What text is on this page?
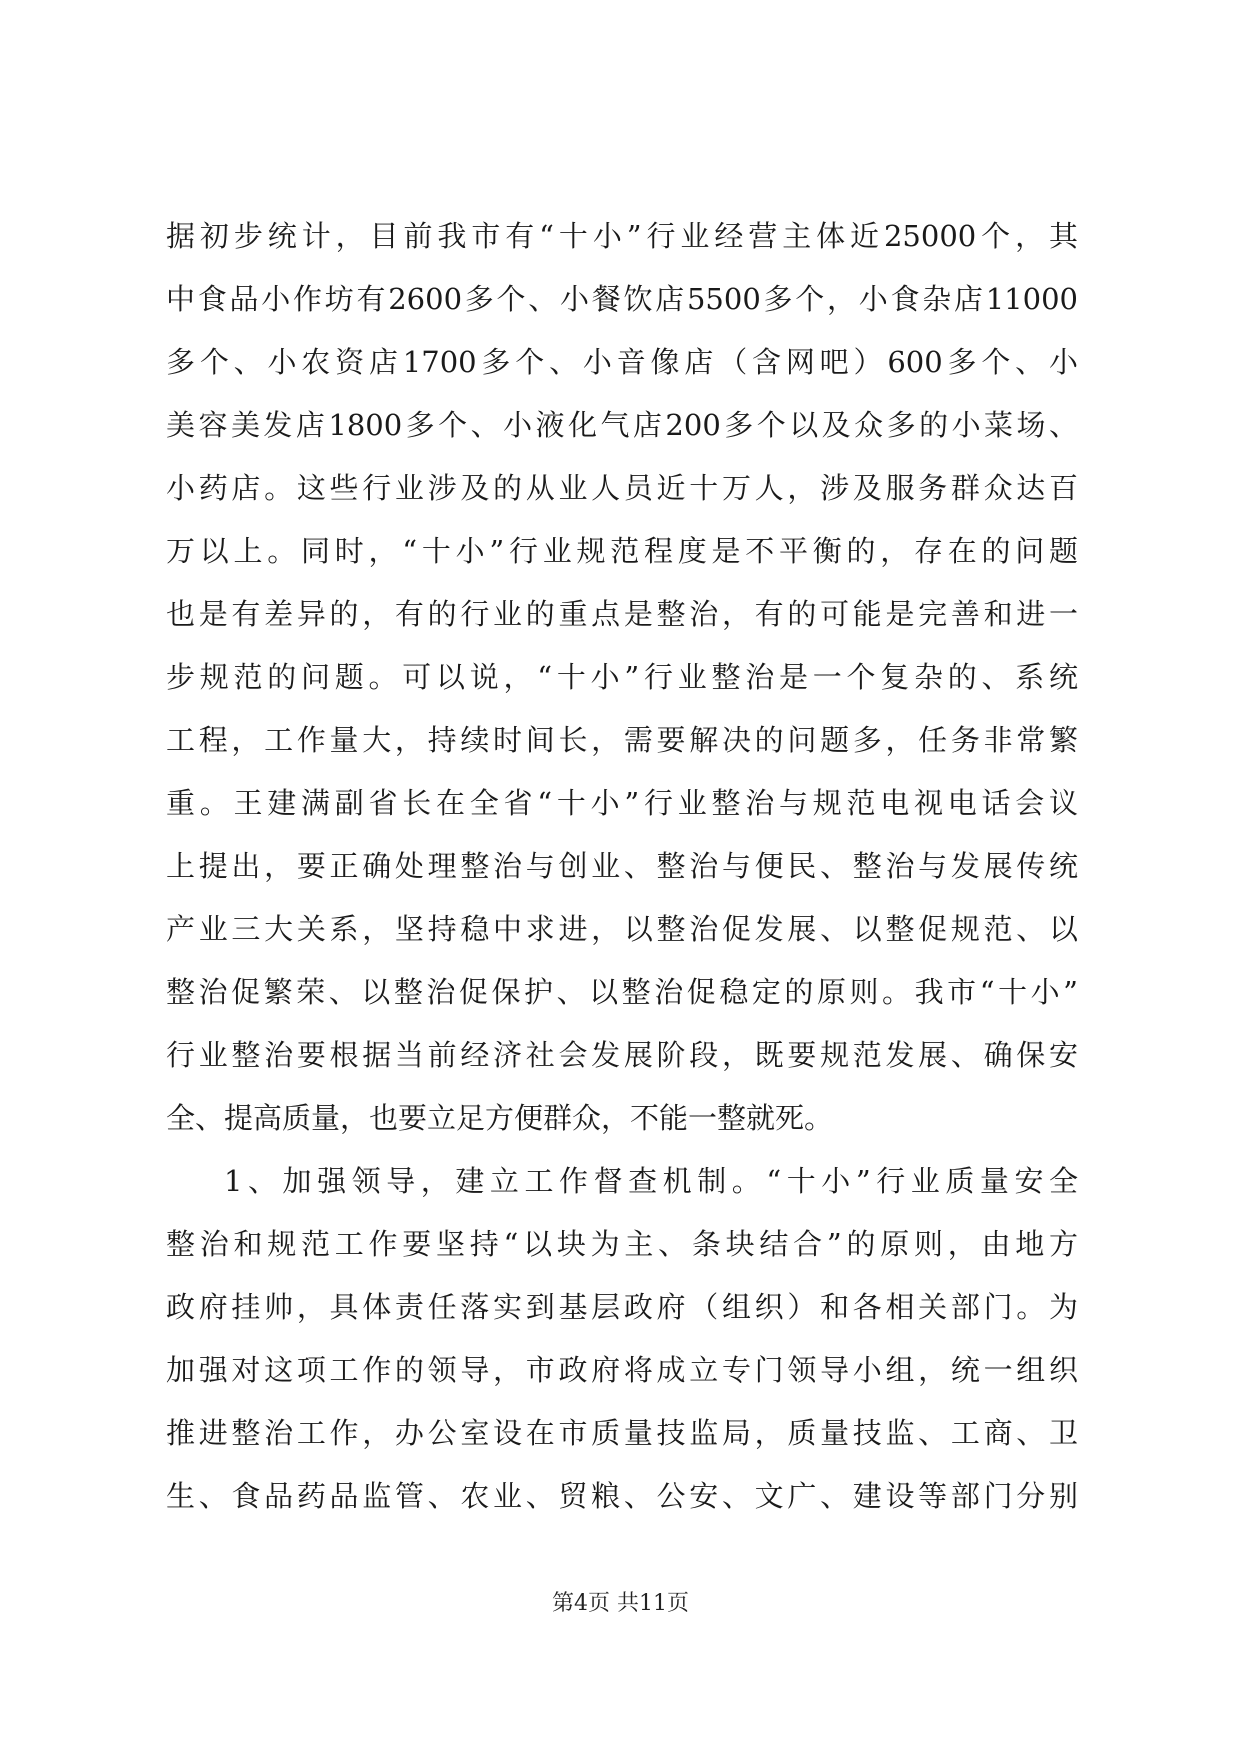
据初步统计，目前我市有“十小”行业经营主体近25000个，其
中食品小作坊有2600多个、小餐饮店5500多个，小食杂店11000
多个、小农资店1700多个、小音像店（含网吧）600多个、小
美容美发店1800多个、小液化气店200多个以及众多的小菜场、
小药店。这些行业涉及的从业人员近十万人，涉及服务群众达百
万以上。同时，“十小”行业规范程度是不平衡的，存在的问题
也是有差异的，有的行业的重点是整治，有的可能是完善和进一
步规范的问题。可以说，“十小”行业整治是一个复杂的、系统
工程，工作量大，持续时间长，需要解决的问题多，任务非常繁
重。王建满副省长在全省“十小”行业整治与规范电视电话会议
上提出，要正确处理整治与创业、整治与便民、整治与发展传统
产业三大关系，坚持稳中求进，以整治促发展、以整促规范、以
整治促繁荣、以整治促保护、以整治促稳定的原则。我市“十小”
行业整治要根据当前经济社会发展阶段，既要规范发展、确保安
全、提高质量，也要立足方便群众，不能一整就死。
1、加强领导，建立工作督查机制。“十小”行业质量安全
整治和规范工作要坚持“以块为主、条块结合”的原则，由地方
政府挂帅，具体责任落实到基层政府（组织）和各相关部门。为
加强对这项工作的领导，市政府将成立专门领导小组，统一组织
推进整治工作，办公室设在市质量技监局，质量技监、工商、卫
生、食品药品监管、农业、贸粮、公安、文广、建设等部门分别
第4页 共11页
